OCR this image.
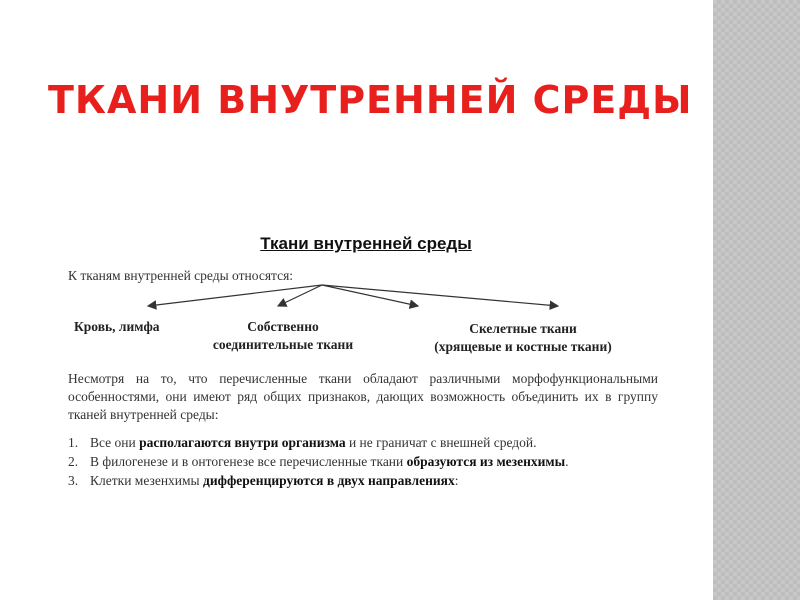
ТКАНИ ВНУТРЕННЕЙ СРЕДЫ
Ткани внутренней среды
К тканям внутренней среды относятся:
Кровь, лимфа	Собственно
соединительные ткани
Скелетные ткани
(хрящевые и костные ткани)
Несмотря на то, что перечисленные ткани обладают различными морфофункциональными особенностями, они имеют ряд общих признаков, дающих возможность объединить их в группу тканей внутренней среды:
1. Все они располагаются внутри организма и не граничат с внешней средой.
2. В филогенезе и в онтогенезе все перечисленные ткани образуются из мезенхимы.
3. Клетки мезенхимы дифференцируются в двух направлениях:
